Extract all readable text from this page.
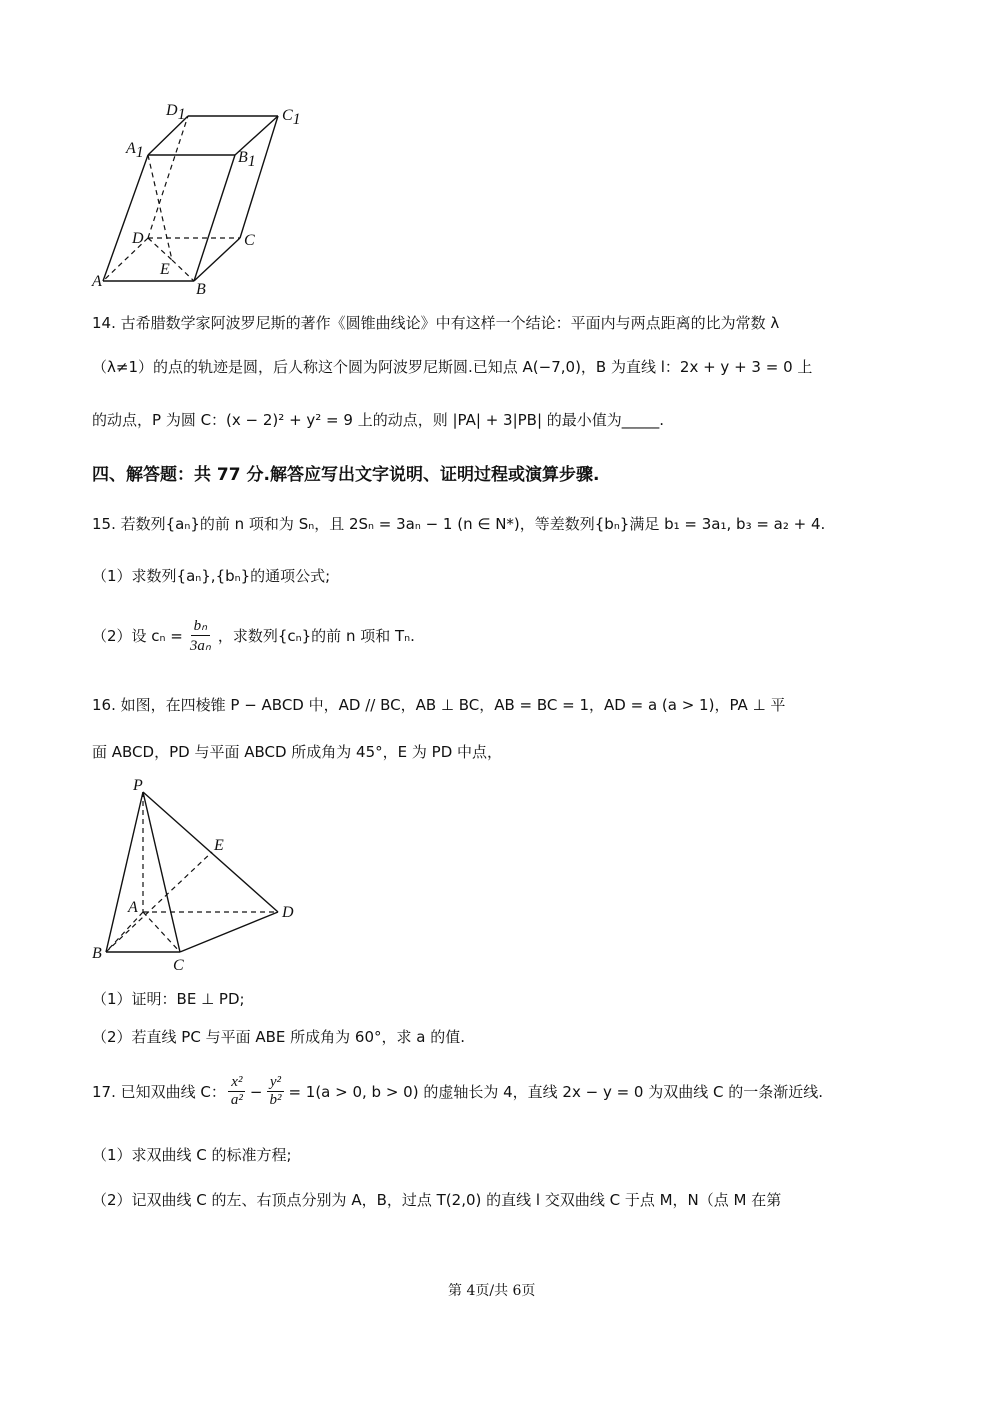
D1	C1
A1	B1
D	C
A
E
B
14. 古希腊数学家阿波罗尼斯的著作《圆锥曲线论》中有这样一个结论：平面内与两点距离的比为常数 λ
（λ≠1）的点的轨迹是圆，后人称这个圆为阿波罗尼斯圆.已知点 A(−7,0)，B 为直线 l：2x + y + 3 = 0 上
的动点，P 为圆 C：(x − 2)² + y² = 9 上的动点，则 |PA| + 3|PB| 的最小值为_____.
四、解答题：共 77 分.解答应写出文字说明、证明过程或演算步骤.
15. 若数列{aₙ}的前 n 项和为 Sₙ，且 2Sₙ = 3aₙ − 1 (n ∈ N*)，等差数列{bₙ}满足 b₁ = 3a₁, b₃ = a₂ + 4.
（1）求数列{aₙ},{bₙ}的通项公式;
（2）设 $c_n = \frac{\text{bₙ}}{\text{3aₙ}}$ ，求数列{cₙ}的前 n 项和 Tₙ.
16. 如图，在四棱锥 P − ABCD 中，AD // BC，AB ⊥ BC，AB = BC = 1，AD = a (a > 1)，PA ⊥ 平
面 ABCD，PD 与平面 ABCD 所成角为 45°，E 为 PD 中点，
P
E
A	D
B
C
（1）证明：BE ⊥ PD;
（2）若直线 PC 与平面 ABE 所成角为 60°，求 a 的值.
17. 已知双曲线 C： $\frac{\text{x²}}{\text{a²}} - \frac{\text{y²}}{\text{b²}} = 1(a > 0$, b > 0) 的虚轴长为 4，直线 2x − y = 0 为双曲线 C 的一条渐近线.
（1）求双曲线 C 的标准方程;
（2）记双曲线 C 的左、右顶点分别为 A，B，过点 T(2,0) 的直线 l 交双曲线 C 于点 M，N（点 M 在第
第 4页/共 6页
